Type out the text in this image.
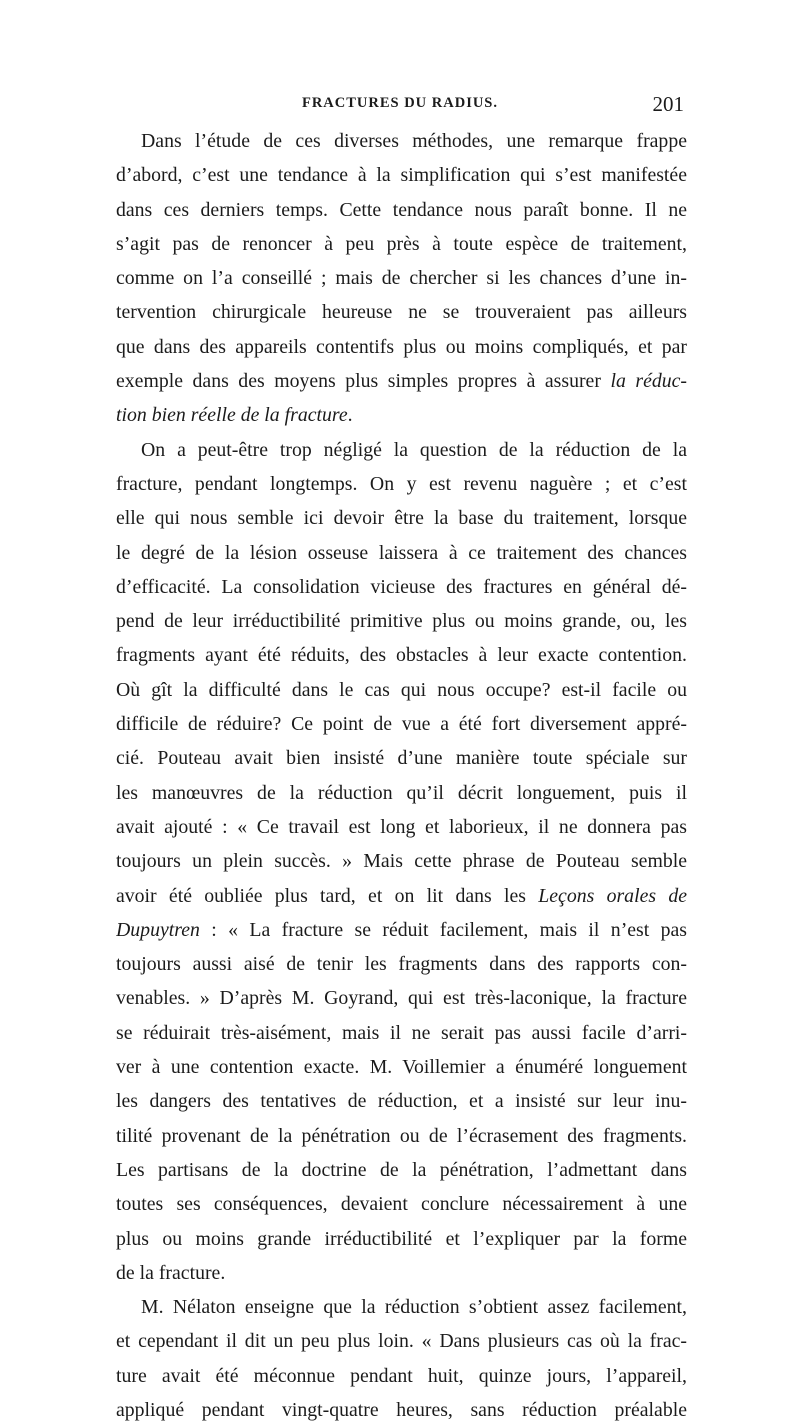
FRACTURES DU RADIUS.	201
Dans l’étude de ces diverses méthodes, une remarque frappe
d’abord, c’est une tendance à la simplification qui s’est manifestée
dans ces derniers temps. Cette tendance nous paraît bonne. Il ne
s’agit pas de renoncer à peu près à toute espèce de traitement,
comme on l’a conseillé ; mais de chercher si les chances d’une in-
tervention chirurgicale heureuse ne se trouveraient pas ailleurs
que dans des appareils contentifs plus ou moins compliqués, et par
exemple dans des moyens plus simples propres à assurer la réduc-
tion bien réelle de la fracture.
On a peut-être trop négligé la question de la réduction de la
fracture, pendant longtemps. On y est revenu naguère ; et c’est
elle qui nous semble ici devoir être la base du traitement, lorsque
le degré de la lésion osseuse laissera à ce traitement des chances
d’efficacité. La consolidation vicieuse des fractures en général dé-
pend de leur irréductibilité primitive plus ou moins grande, ou, les
fragments ayant été réduits, des obstacles à leur exacte contention.
Où gît la difficulté dans le cas qui nous occupe? est-il facile ou
difficile de réduire? Ce point de vue a été fort diversement appré-
cié. Pouteau avait bien insisté d’une manière toute spéciale sur
les manœuvres de la réduction qu’il décrit longuement, puis il
avait ajouté : « Ce travail est long et laborieux, il ne donnera pas
toujours un plein succès. » Mais cette phrase de Pouteau semble
avoir été oubliée plus tard, et on lit dans les Leçons orales de
Dupuytren : « La fracture se réduit facilement, mais il n’est pas
toujours aussi aisé de tenir les fragments dans des rapports con-
venables. » D’après M. Goyrand, qui est très-laconique, la fracture
se réduirait très-aisément, mais il ne serait pas aussi facile d’arri-
ver à une contention exacte. M. Voillemier a énuméré longuement
les dangers des tentatives de réduction, et a insisté sur leur inu-
tilité provenant de la pénétration ou de l’écrasement des fragments.
Les partisans de la doctrine de la pénétration, l’admettant dans
toutes ses conséquences, devaient conclure nécessairement à une
plus ou moins grande irréductibilité et l’expliquer par la forme
de la fracture.
M. Nélaton enseigne que la réduction s’obtient assez facilement,
et cependant il dit un peu plus loin. « Dans plusieurs cas où la frac-
ture avait été méconnue pendant huit, quinze jours, l’appareil,
appliqué pendant vingt-quatre heures, sans réduction préalable
